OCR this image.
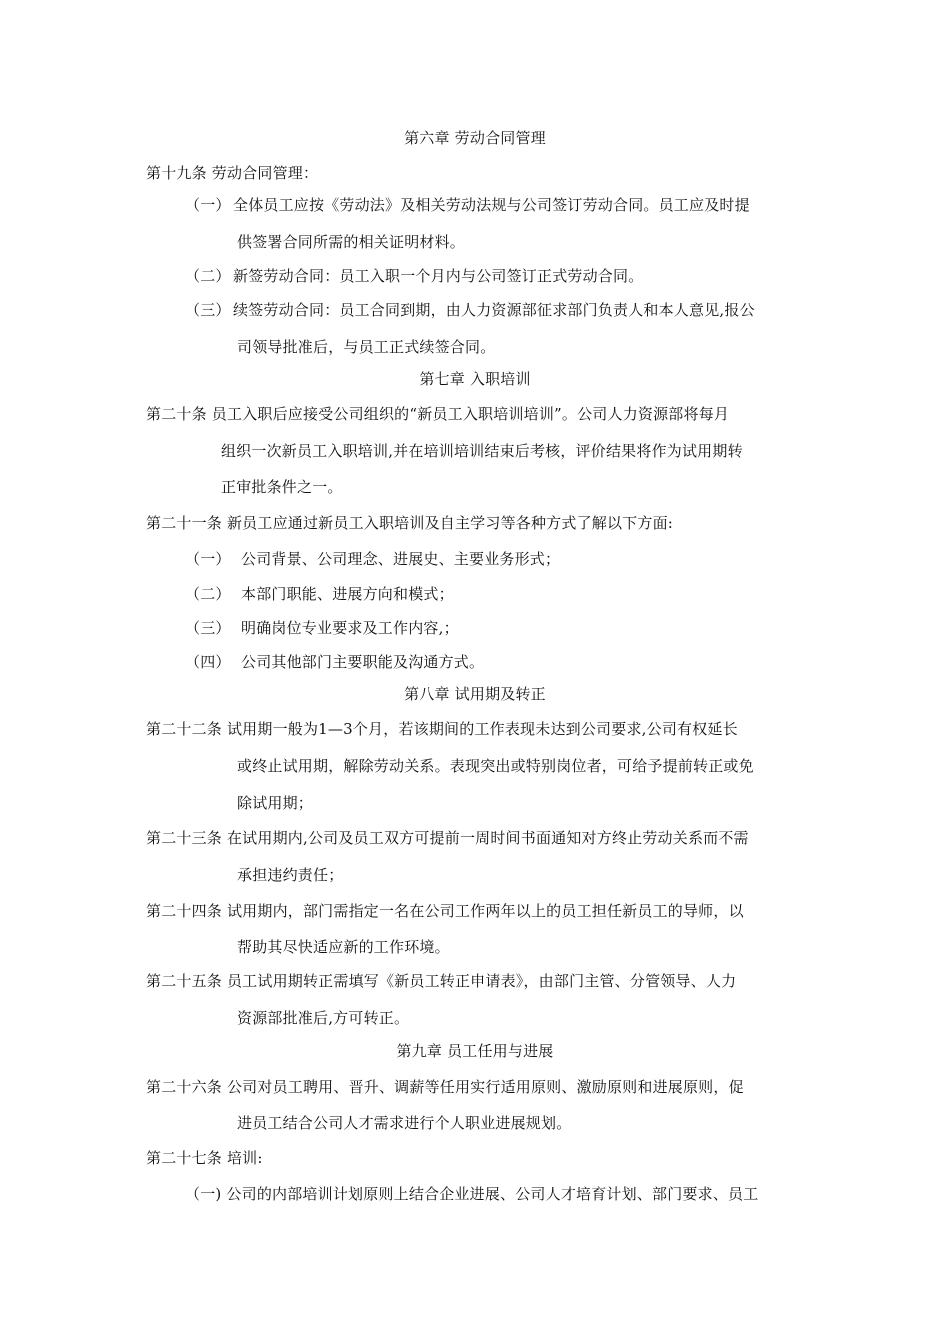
第六章 劳动合同管理
第十九条 劳动合同管理：
（一） 全体员工应按《劳动法》及相关劳动法规与公司签订劳动合同。员工应及时提
供签署合同所需的相关证明材料。
（二） 新签劳动合同：员工入职一个月内与公司签订正式劳动合同。
（三） 续签劳动合同：员工合同到期，由人力资源部征求部门负责人和本人意见,报公
司领导批准后，与员工正式续签合同。
第七章 入职培训
第二十条 员工入职后应接受公司组织的“新员工入职培训培训”。公司人力资源部将每月
组织一次新员工入职培训,并在培训培训结束后考核，评价结果将作为试用期转
正审批条件之一。
第二十一条 新员工应通过新员工入职培训及自主学习等各种方式了解以下方面:
（一） 公司背景、公司理念、进展史、主要业务形式；
（二） 本部门职能、进展方向和模式；
（三） 明确岗位专业要求及工作内容,；
（四） 公司其他部门主要职能及沟通方式。
第八章 试用期及转正
第二十二条 试用期一般为1—3个月，若该期间的工作表现未达到公司要求,公司有权延长
或终止试用期，解除劳动关系。表现突出或特别岗位者，可给予提前转正或免
除试用期；
第二十三条 在试用期内,公司及员工双方可提前一周时间书面通知对方终止劳动关系而不需
承担违约责任；
第二十四条 试用期内，部门需指定一名在公司工作两年以上的员工担任新员工的导师，以
帮助其尽快适应新的工作环境。
第二十五条 员工试用期转正需填写《新员工转正申请表》，由部门主管、分管领导、人力
资源部批准后,方可转正。
第九章 员工任用与进展
第二十六条 公司对员工聘用、晋升、调薪等任用实行适用原则、激励原则和进展原则，促
进员工结合公司人才需求进行个人职业进展规划。
第二十七条 培训:
（一) 公司的内部培训计划原则上结合企业进展、公司人才培育计划、部门要求、员工
